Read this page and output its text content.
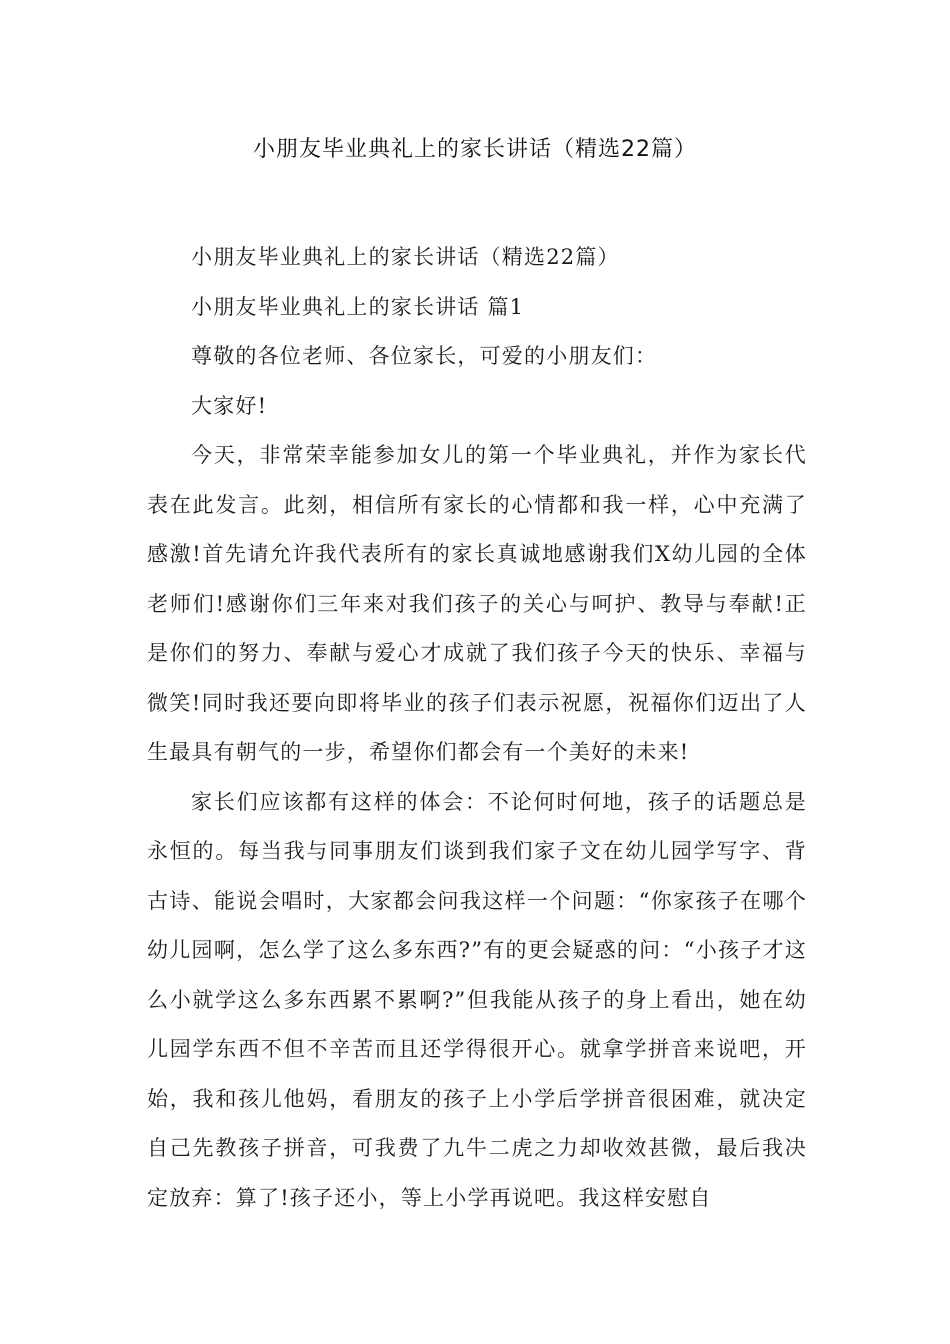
小朋友毕业典礼上的家长讲话（精选22篇）

小朋友毕业典礼上的家长讲话（精选22篇）

小朋友毕业典礼上的家长讲话 篇1

尊敬的各位老师、各位家长，可爱的小朋友们：

大家好!

今天，非常荣幸能参加女儿的第一个毕业典礼，并作为家长代表在此发言。此刻，相信所有家长的心情都和我一样，心中充满了感激!首先请允许我代表所有的家长真诚地感谢我们X幼儿园的全体老师们!感谢你们三年来对我们孩子的关心与呵护、教导与奉献!正是你们的努力、奉献与爱心才成就了我们孩子今天的快乐、幸福与微笑!同时我还要向即将毕业的孩子们表示祝愿，祝福你们迈出了人生最具有朝气的一步，希望你们都会有一个美好的未来!

家长们应该都有这样的体会：不论何时何地，孩子的话题总是永恒的。每当我与同事朋友们谈到我们家子文在幼儿园学写字、背古诗、能说会唱时，大家都会问我这样一个问题：“你家孩子在哪个幼儿园啊，怎么学了这么多东西?”有的更会疑惑的问：“小孩子才这么小就学这么多东西累不累啊?”但我能从孩子的身上看出，她在幼儿园学东西不但不辛苦而且还学得很开心。就拿学拼音来说吧，开始，我和孩儿他妈，看朋友的孩子上小学后学拼音很困难，就决定自己先教孩子拼音，可我费了九牛二虎之力却收效甚微，最后我决定放弃：算了!孩子还小，等上小学再说吧。我这样安慰自
